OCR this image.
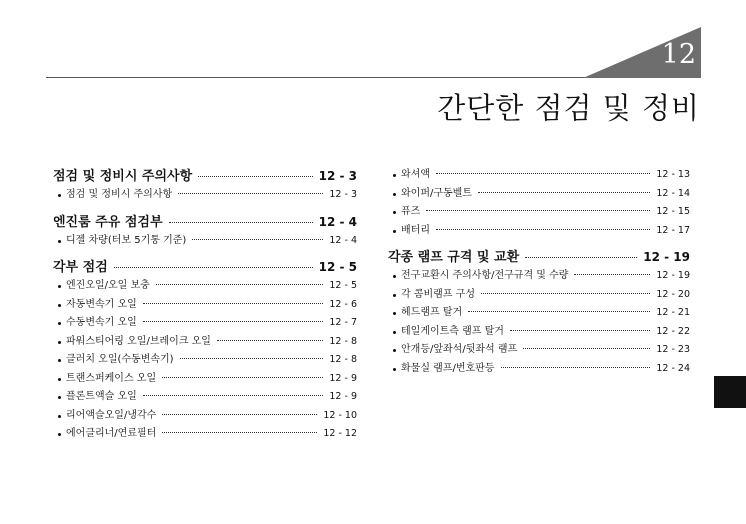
12
간단한 점검 및 정비
점검 및 정비시 주의사항	12 - 3
점검 및 정비시 주의사항	12 - 3
엔진룸 주유 점검부	12 - 4
디젤 차량(터보 5기통 기준)	12 - 4
각부 점검	12 - 5
엔진오일/오일 보충	12 - 5
자동변속기 오일	12 - 6
수동변속기 오일	12 - 7
파워스티어링 오일/브레이크 오일	12 - 8
클러치 오일(수동변속기)	12 - 8
트랜스퍼케이스 오일	12 - 9
플론트액슬 오일	12 - 9
리어액슬오일/냉각수	12 - 10
에어클리너/연료필터	12 - 12
와셔액	12 - 13
와이퍼/구동벨트	12 - 14
퓨즈	12 - 15
배터리	12 - 17
각종 램프 규격 및 교환	12 - 19
전구교환시 주의사항/전구규격 및 수량	12 - 19
각 콤비램프 구성	12 - 20
헤드램프 탈거	12 - 21
테일게이트측 램프 탈거	12 - 22
안개등/앞좌석/뒷좌석 램프	12 - 23
화물실 램프/번호판등	12 - 24
